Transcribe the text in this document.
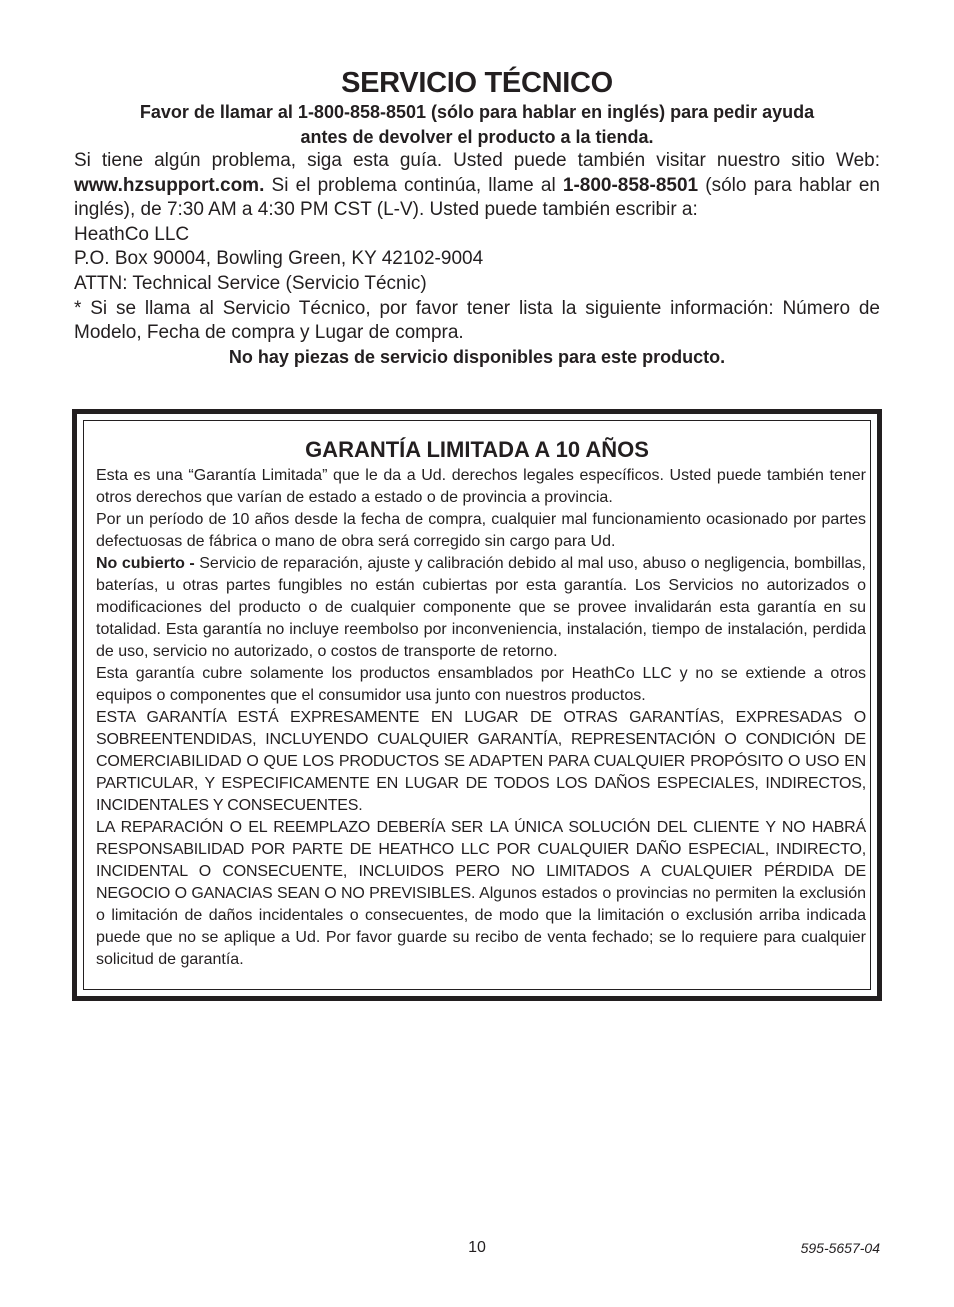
SERVICIO TÉCNICO
Favor de llamar al 1-800-858-8501 (sólo para hablar en inglés) para pedir ayuda
antes de devolver el producto a la tienda.

Si tiene algún problema, siga esta guía. Usted puede también visitar nuestro sitio Web: www.hzsupport.com. Si el problema continúa, llame al 1-800-858-8501 (sólo para hablar en inglés), de 7:30 AM a 4:30 PM CST (L-V). Usted puede también escribir a:

HeathCo LLC

P.O. Box 90004, Bowling Green, KY 42102-9004

ATTN: Technical Service (Servicio Técnic)

* Si se llama al Servicio Técnico, por favor tener lista la siguiente información: Número de Modelo, Fecha de compra y Lugar de compra.

No hay piezas de servicio disponibles para este producto.
GARANTÍA LIMITADA A 10 AÑOS

Esta es una “Garantía Limitada” que le da a Ud. derechos legales específicos. Usted puede también tener otros derechos que varían de estado a estado o de provincia a provincia.

Por un período de 10 años desde la fecha de compra, cualquier mal funcionamiento ocasionado por partes defectuosas de fábrica o mano de obra será corregido sin cargo para Ud.

No cubierto - Servicio de reparación, ajuste y calibración debido al mal uso, abuso o negligencia, bombillas, baterías, u otras partes fungibles no están cubiertas por esta garantía. Los Servicios no autorizados o modificaciones del producto o de cualquier componente que se provee invalidarán esta garantía en su totalidad. Esta garantía no incluye reembolso por inconveniencia, instalación, tiempo de instalación, perdida de uso, servicio no autorizado, o costos de transporte de retorno.

Esta garantía cubre solamente los productos ensamblados por HeathCo LLC y no se extiende a otros equipos o componentes que el consumidor usa junto con nuestros productos.

ESTA GARANTÍA ESTÁ EXPRESAMENTE EN LUGAR DE OTRAS GARANTÍAS, EXPRESADAS O SOBREENTENDIDAS, INCLUYENDO CUALQUIER GARANTÍA, REPRESENTACIÓN O CONDICIÓN DE COMERCIABILIDAD O QUE LOS PRODUCTOS SE ADAPTEN PARA CUALQUIER PROPÓSITO O USO EN PARTICULAR, Y ESPECIFICAMENTE EN LUGAR DE TODOS LOS DAÑOS ESPECIALES, INDIRECTOS, INCIDENTALES Y CONSECUENTES.

LA REPARACIÓN O EL REEMPLAZO DEBERÍA SER LA ÚNICA SOLUCIÓN DEL CLIENTE Y NO HABRÁ RESPONSABILIDAD POR PARTE DE HEATHCO LLC POR CUALQUIER DAÑO ESPECIAL, INDIRECTO, INCIDENTAL O CONSECUENTE, INCLUIDOS PERO NO LIMITADOS A CUALQUIER PÉRDIDA DE NEGOCIO O GANACIAS SEAN O NO PREVISIBLES. Algunos estados o provincias no permiten la exclusión o limitación de daños incidentales o consecuentes, de modo que la limitación o exclusión arriba indicada puede que no se aplique a Ud. Por favor guarde su recibo de venta fechado; se lo requiere para cualquier solicitud de garantía.

10	595-5657-04
